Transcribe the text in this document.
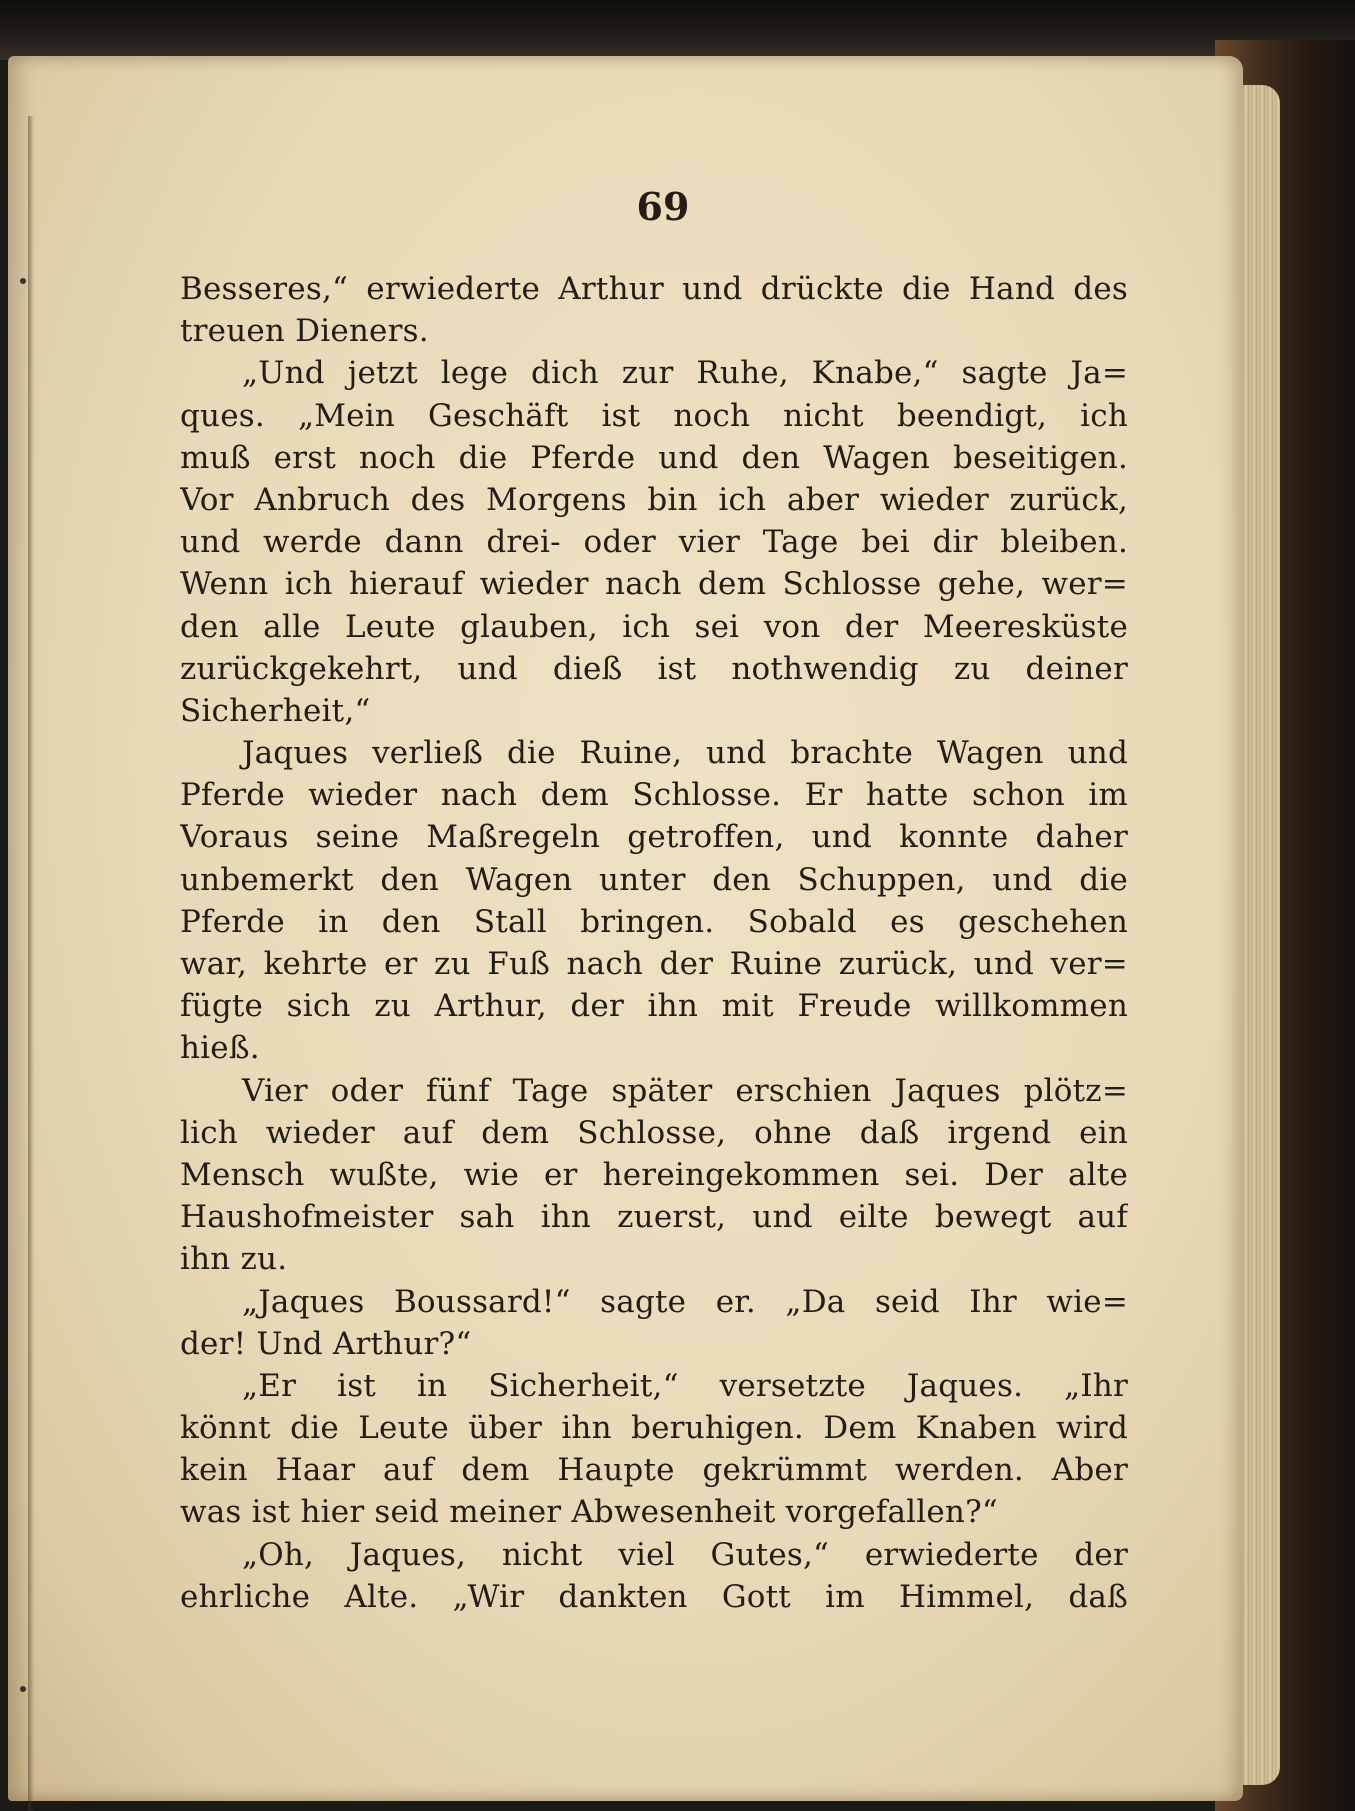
69
Besseres,“ erwiederte Arthur und drückte die Hand des
treuen Dieners.
„Und jetzt lege dich zur Ruhe, Knabe,“ sagte Ja=
ques. „Mein Geschäft ist noch nicht beendigt, ich
muß erst noch die Pferde und den Wagen beseitigen.
Vor Anbruch des Morgens bin ich aber wieder zurück,
und werde dann drei- oder vier Tage bei dir bleiben.
Wenn ich hierauf wieder nach dem Schlosse gehe, wer=
den alle Leute glauben, ich sei von der Meeresküste
zurückgekehrt, und dieß ist nothwendig zu deiner
Sicherheit,“
Jaques verließ die Ruine, und brachte Wagen und
Pferde wieder nach dem Schlosse. Er hatte schon im
Voraus seine Maßregeln getroffen, und konnte daher
unbemerkt den Wagen unter den Schuppen, und die
Pferde in den Stall bringen. Sobald es geschehen
war, kehrte er zu Fuß nach der Ruine zurück, und ver=
fügte sich zu Arthur, der ihn mit Freude willkommen
hieß.
Vier oder fünf Tage später erschien Jaques plötz=
lich wieder auf dem Schlosse, ohne daß irgend ein
Mensch wußte, wie er hereingekommen sei. Der alte
Haushofmeister sah ihn zuerst, und eilte bewegt auf
ihn zu.
„Jaques Boussard!“ sagte er. „Da seid Ihr wie=
der! Und Arthur?“
„Er ist in Sicherheit,“ versetzte Jaques. „Ihr
könnt die Leute über ihn beruhigen. Dem Knaben wird
kein Haar auf dem Haupte gekrümmt werden. Aber
was ist hier seid meiner Abwesenheit vorgefallen?“
„Oh, Jaques, nicht viel Gutes,“ erwiederte der
ehrliche Alte. „Wir dankten Gott im Himmel, daß
